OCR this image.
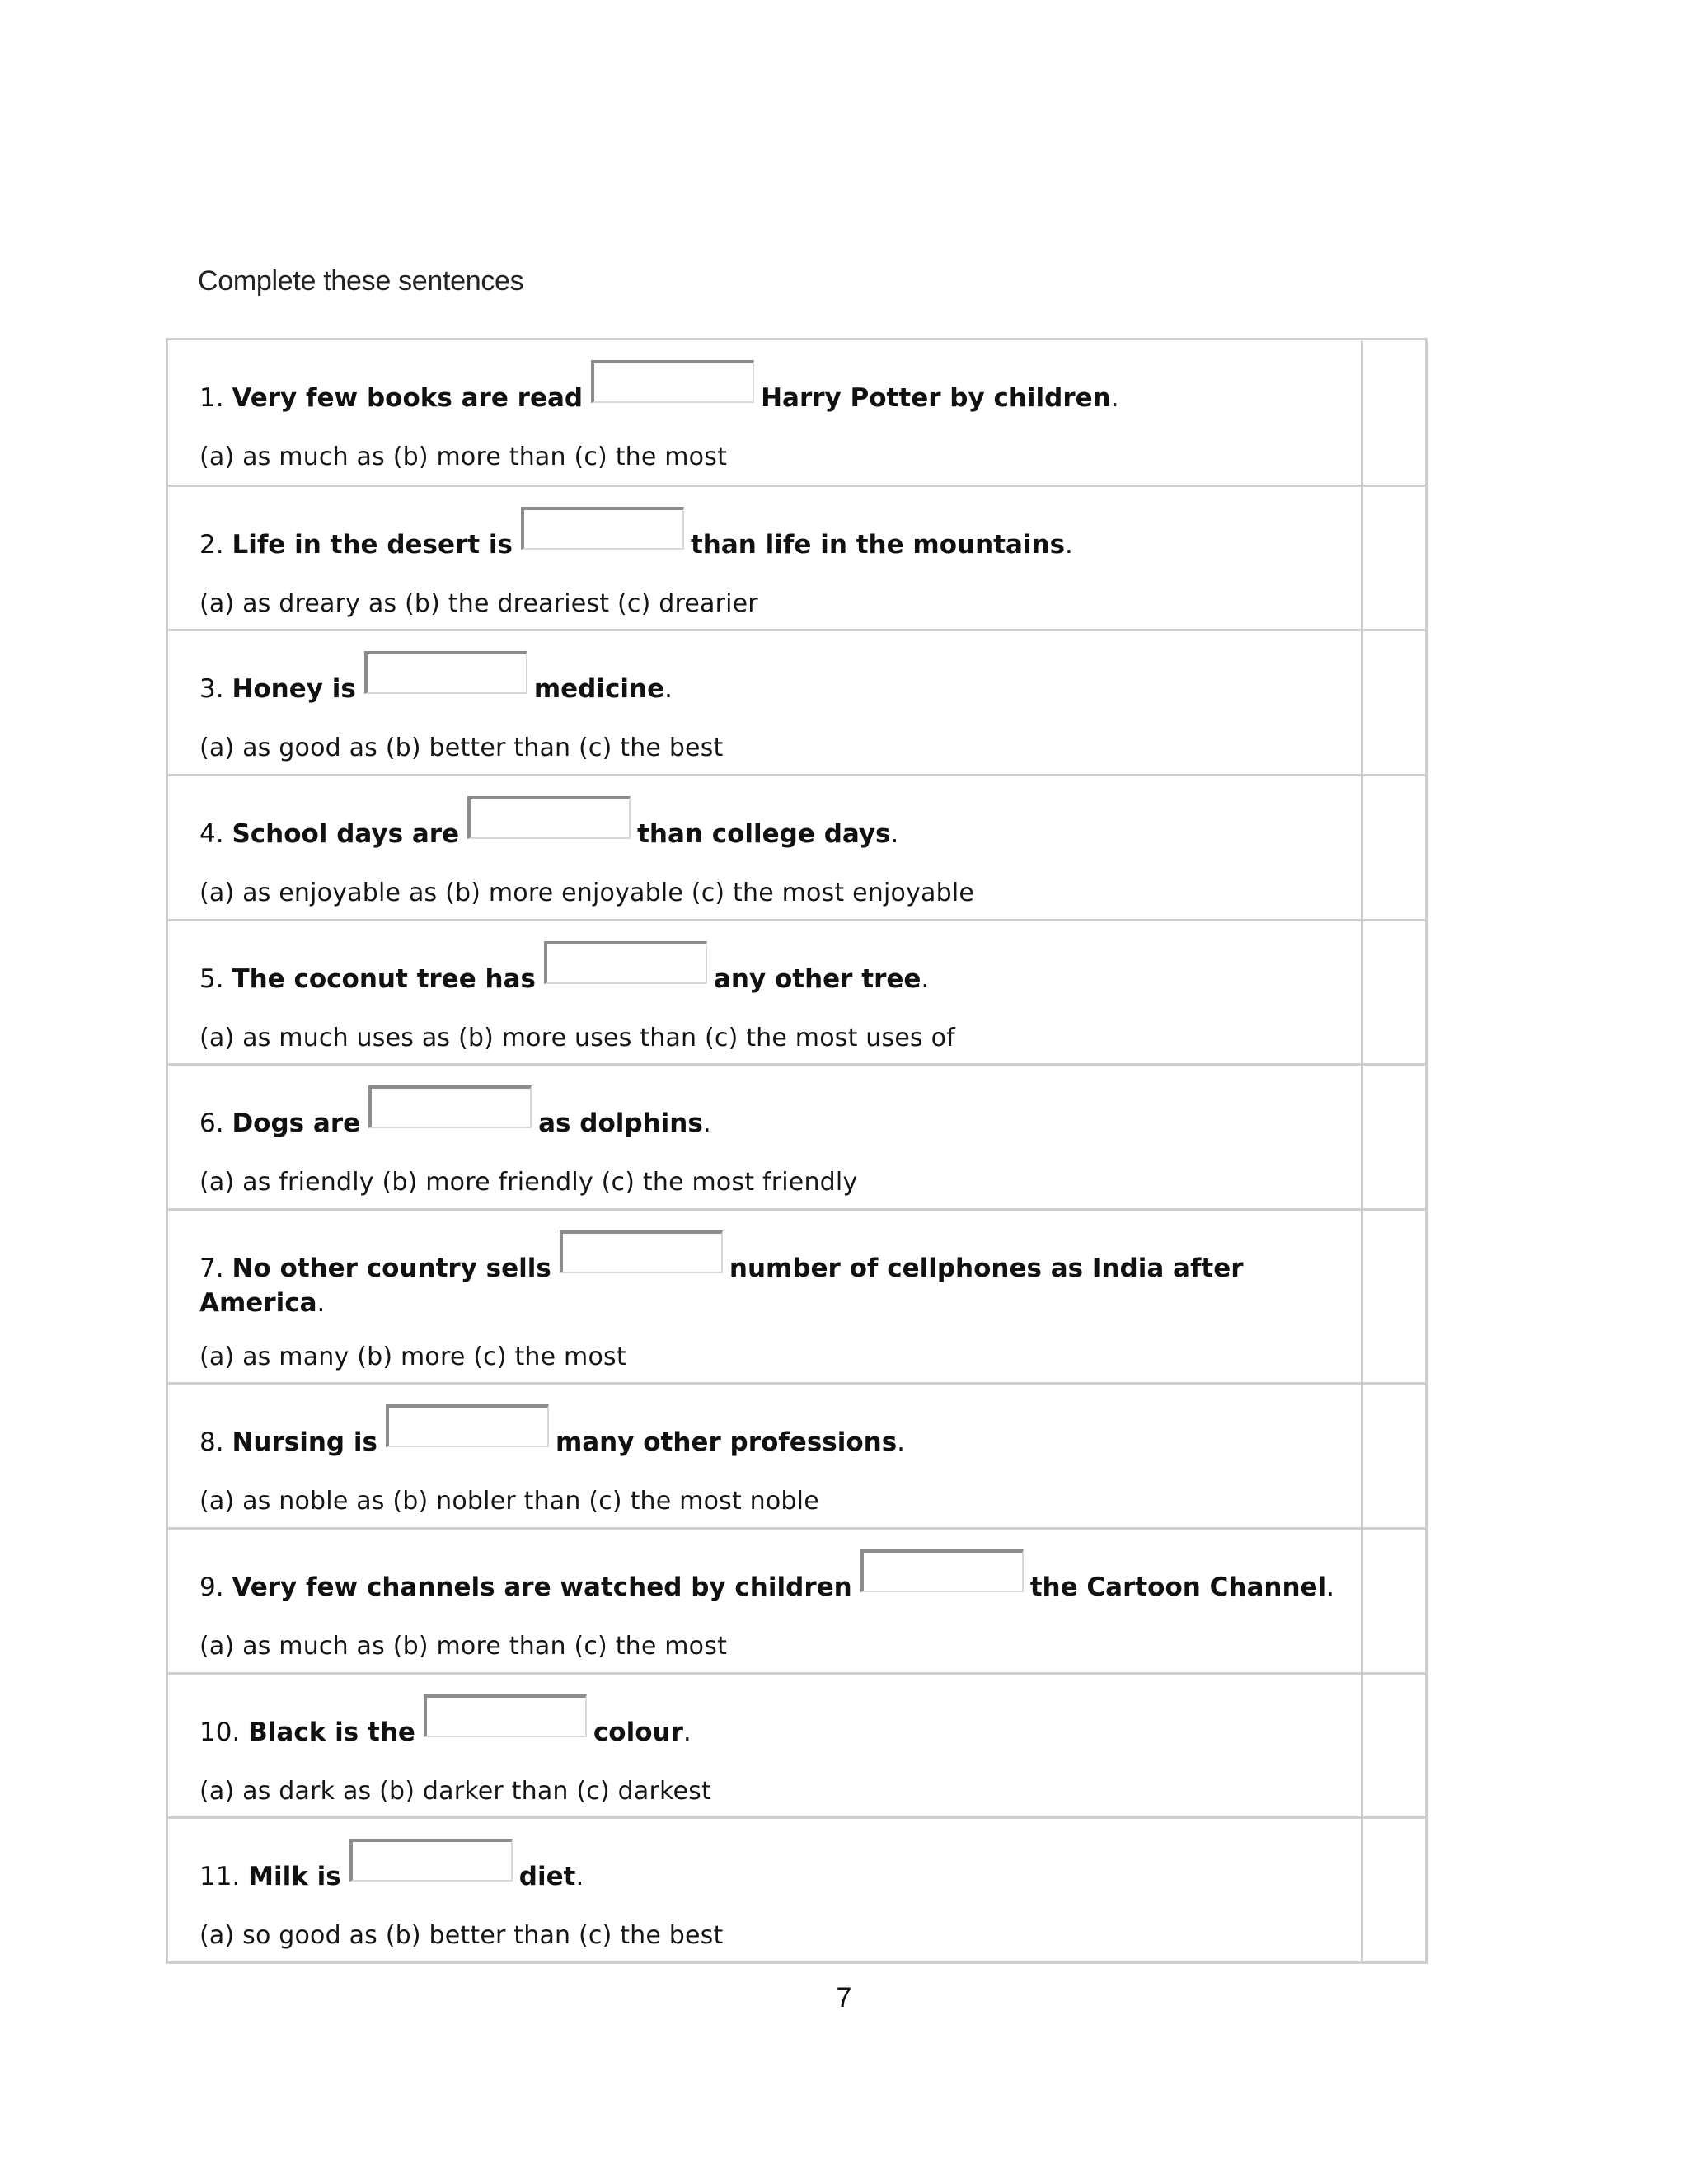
Complete these sentences
1. Very few books are read Harry Potter by children.
(a) as much as (b) more than (c) the most	

2. Life in the desert is than life in the mountains.
(a) as dreary as (b) the dreariest (c) drearier	

3. Honey is medicine.
(a) as good as (b) better than (c) the best	

4. School days are than college days.
(a) as enjoyable as (b) more enjoyable (c) the most enjoyable	

5. The coconut tree has any other tree.
(a) as much uses as (b) more uses than (c) the most uses of	

6. Dogs are as dolphins.
(a) as friendly (b) more friendly (c) the most friendly	

7. No other country sells number of cellphones as India after America.
(a) as many (b) more (c) the most	

8. Nursing is many other professions.
(a) as noble as (b) nobler than (c) the most noble	

9. Very few channels are watched by children the Cartoon Channel.
(a) as much as (b) more than (c) the most	

10. Black is the colour.
(a) as dark as (b) darker than (c) darkest	

11. Milk is diet.
(a) so good as (b) better than (c) the best	

7
